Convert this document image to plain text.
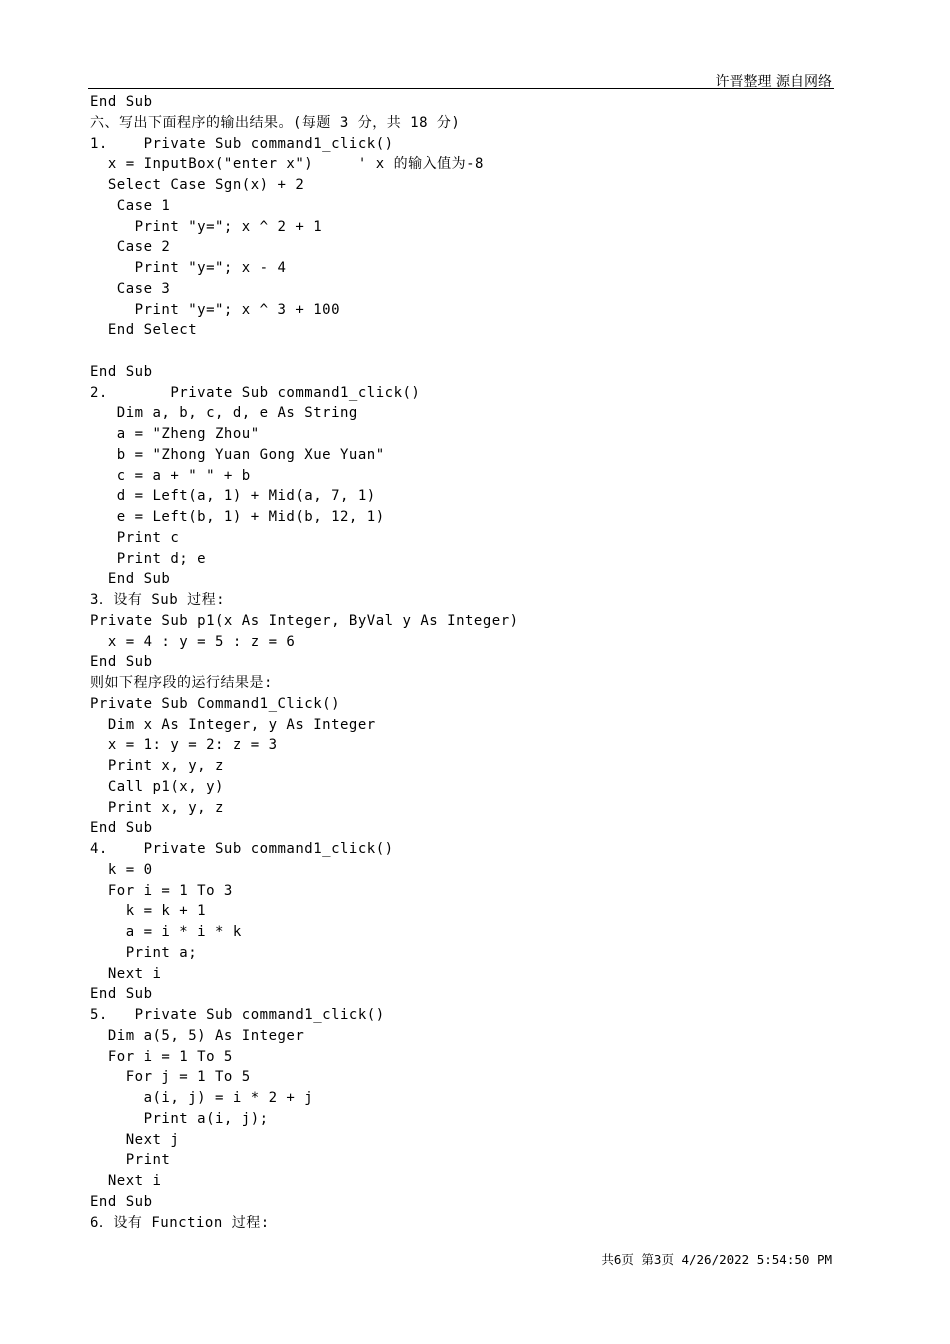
许晋整理 源自网络
End Sub
六、写出下面程序的输出结果。(每题 3 分，共 18 分)
1.    Private Sub command1_click()
x = InputBox("enter x")     ' x 的输入值为-8
Select Case Sgn(x) + 2
Case 1
Print "y="; x ^ 2 + 1
Case 2
Print "y="; x - 4
Case 3
Print "y="; x ^ 3 + 100
End Select
End Sub
2.       Private Sub command1_click()
Dim a, b, c, d, e As String
a = "Zheng Zhou"
b = "Zhong Yuan Gong Xue Yuan"
c = a + " " + b
d = Left(a, 1) + Mid(a, 7, 1)
e = Left(b, 1) + Mid(b, 12, 1)
Print c
Print d; e
End Sub
3．设有 Sub 过程:
Private Sub p1(x As Integer, ByVal y As Integer)
x = 4 : y = 5 : z = 6
End Sub
则如下程序段的运行结果是:
Private Sub Command1_Click()
Dim x As Integer, y As Integer
x = 1: y = 2: z = 3
Print x, y, z
Call p1(x, y)
Print x, y, z
End Sub
4.    Private Sub command1_click()
k = 0
For i = 1 To 3
k = k + 1
a = i * i * k
Print a;
Next i
End Sub
5.   Private Sub command1_click()
Dim a(5, 5) As Integer
For i = 1 To 5
For j = 1 To 5
a(i, j) = i * 2 + j
Print a(i, j);
Next j
Print
Next i
End Sub
6．设有 Function 过程:
共6页 第3页 4/26/2022 5:54:50 PM
